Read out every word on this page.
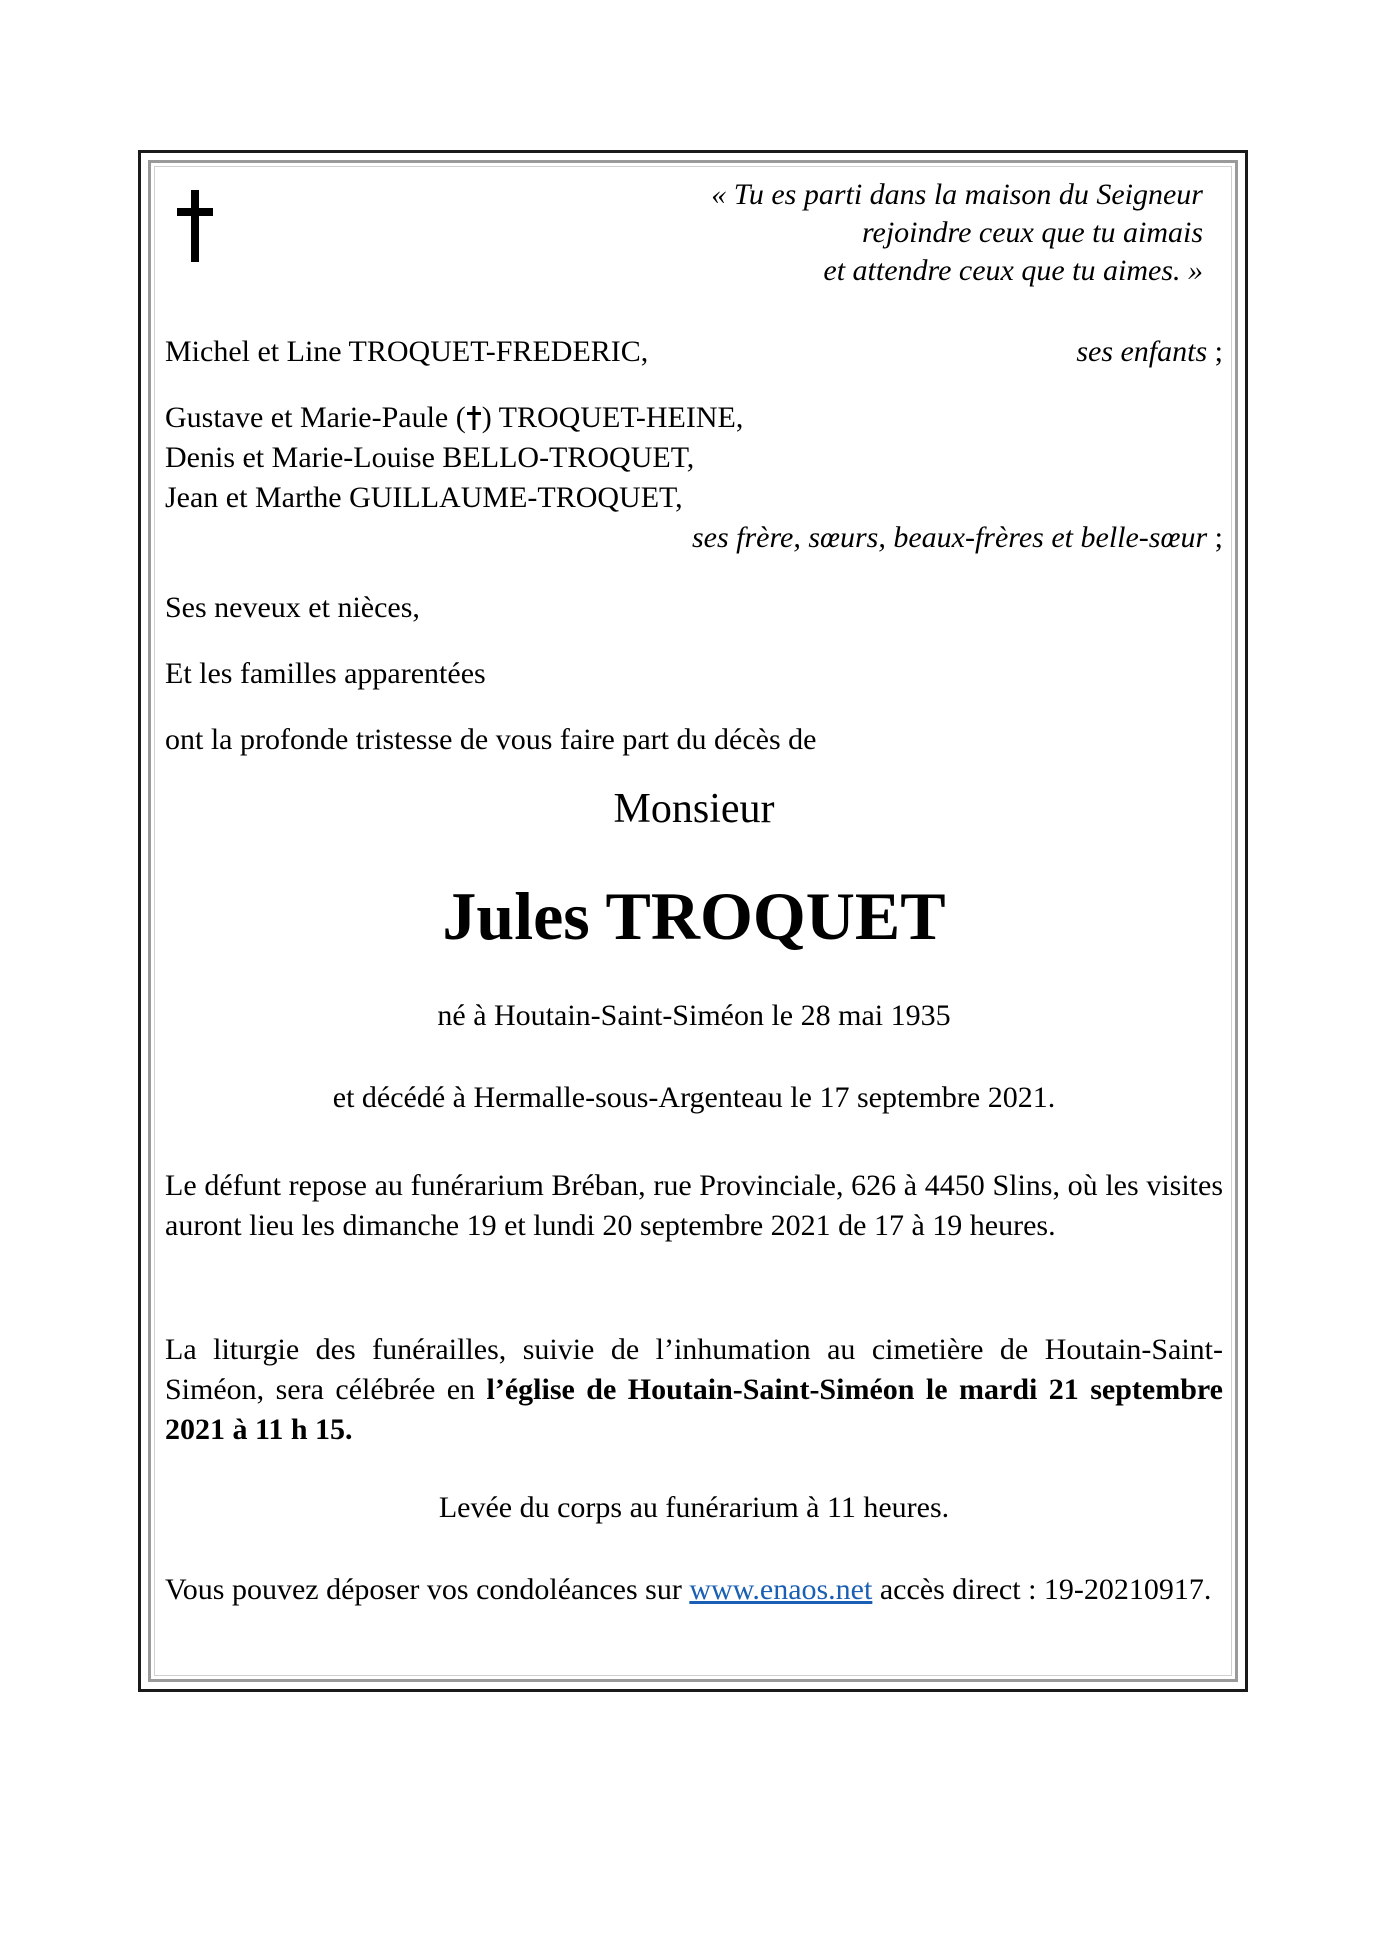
« Tu es parti dans la maison du Seigneur
rejoindre ceux que tu aimais
et attendre ceux que tu aimes. »
Michel et Line TROQUET-FREDERIC,	ses enfants ;
Gustave et Marie-Paule ( ) TROQUET-HEINE,
Denis et Marie-Louise BELLO-TROQUET,
Jean et Marthe GUILLAUME-TROQUET,
ses frère, sœurs, beaux-frères et belle-sœur ;
Ses neveux et nièces,
Et les familles apparentées
ont la profonde tristesse de vous faire part du décès de
Monsieur
Jules TROQUET
né à Houtain-Saint-Siméon le 28 mai 1935
et décédé à Hermalle-sous-Argenteau le 17 septembre 2021.
Le défunt repose au funérarium Bréban, rue Provinciale, 626 à 4450 Slins, où les visites auront lieu les dimanche 19 et lundi 20 septembre 2021 de 17 à 19 heures.
La liturgie des funérailles, suivie de l’inhumation au cimetière de Houtain-Saint-Siméon, sera célébrée en l’église de Houtain-Saint-Siméon le mardi 21 septembre 2021 à 11 h 15.
Levée du corps au funérarium à 11 heures.
Vous pouvez déposer vos condoléances sur www.enaos.net accès direct : 19-20210917.
